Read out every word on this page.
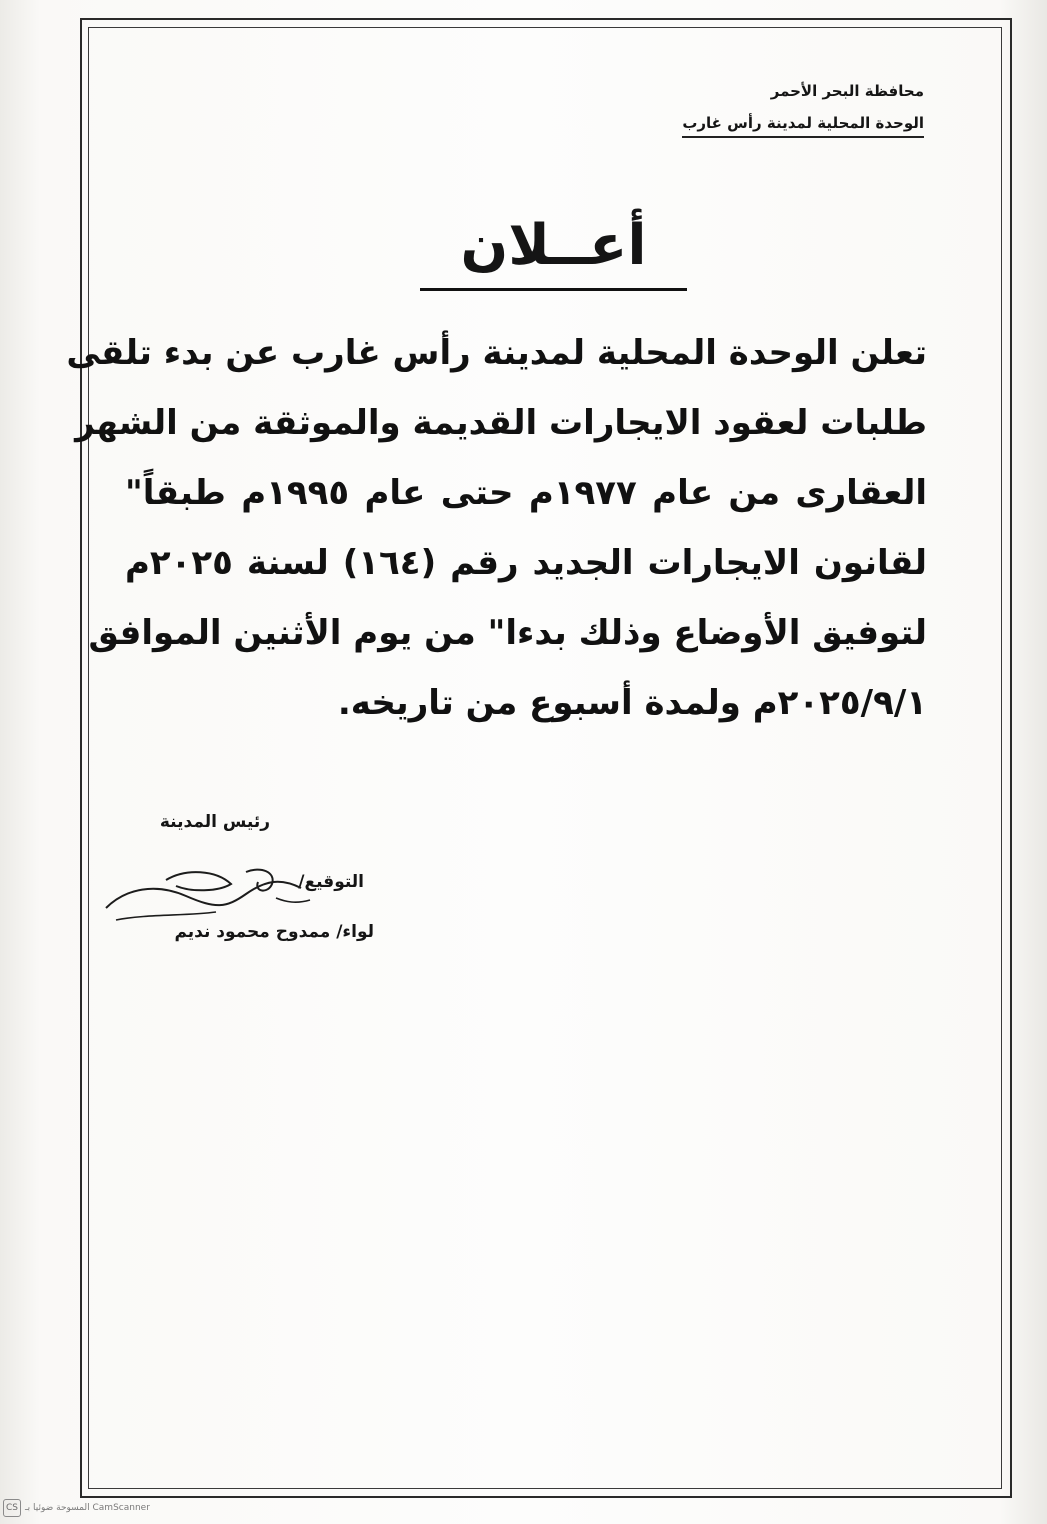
محافظة البحر الأحمر
الوحدة المحلية لمدينة رأس غارب
أعــلان
تعلن الوحدة المحلية لمدينة رأس غارب عن بدء تلقى
طلبات لعقود الايجارات القديمة والموثقة من الشهر
العقارى من عام ١٩٧٧م حتى عام ١٩٩٥م طبقاً"
لقانون الايجارات الجديد رقم (١٦٤) لسنة ٢٠٢٥م
لتوفيق الأوضاع وذلك بدءا" من يوم الأثنين الموافق
٢٠٢٥/٩/١م ولمدة أسبوع من تاريخه.
رئيس المدينة
التوقيع/
لواء/ ممدوح محمود نديم
CS المسوحة ضوئيا بـ CamScanner
